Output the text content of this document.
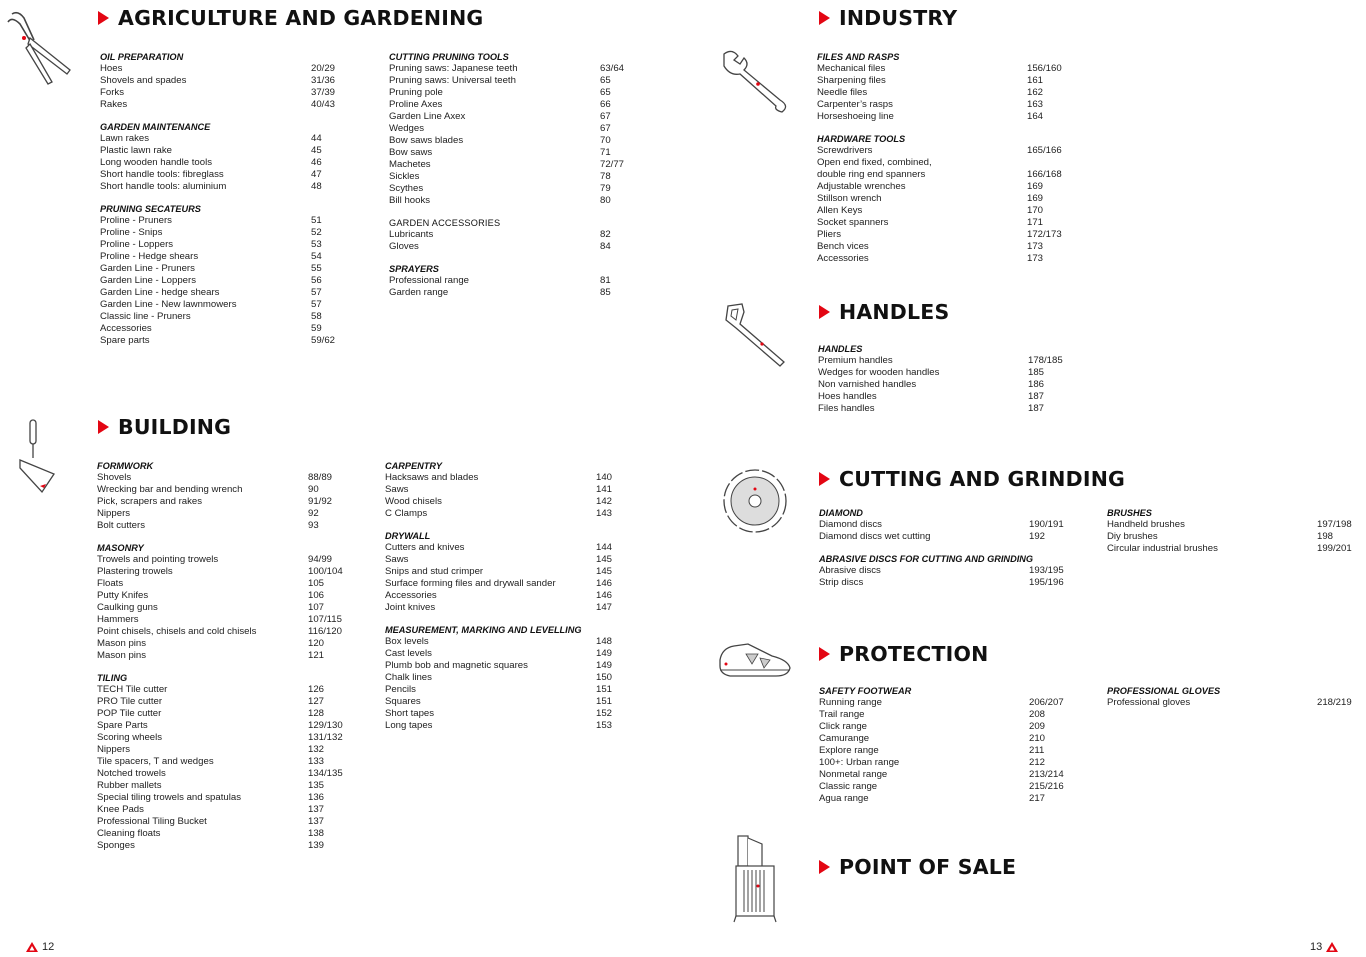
AGRICULTURE AND GARDENING
OIL PREPARATION
Hoes	20/29
Shovels and spades	31/36
Forks	37/39
Rakes	40/43
GARDEN MAINTENANCE
Lawn rakes	44
Plastic lawn rake	45
Long wooden handle tools	46
Short handle tools: fibreglass	47
Short handle tools: aluminium	48
PRUNING SECATEURS
Proline - Pruners	51
Proline - Snips	52
Proline - Loppers	53
Proline - Hedge shears	54
Garden Line - Pruners	55
Garden Line - Loppers	56
Garden Line - hedge shears	57
Garden Line - New lawnmowers	57
Classic line - Pruners	58
Accessories	59
Spare parts	59/62
CUTTING PRUNING TOOLS
Pruning saws: Japanese teeth	63/64
Pruning saws: Universal teeth	65
Pruning pole	65
Proline Axes	66
Garden Line Axex	67
Wedges	67
Bow saws blades	70
Bow saws	71
Machetes	72/77
Sickles	78
Scythes	79
Bill hooks	80
GARDEN ACCESSORIES
Lubricants	82
Gloves	84
SPRAYERS
Professional range	81
Garden range	85
BUILDING
FORMWORK
Shovels	88/89
Wrecking bar and bending wrench	90
Pick, scrapers and rakes	91/92
Nippers	92
Bolt cutters	93
MASONRY
Trowels and pointing trowels	94/99
Plastering trowels	100/104
Floats	105
Putty Knifes	106
Caulking guns	107
Hammers	107/115
Point chisels, chisels and cold chisels	116/120
Mason pins	120
Mason pins	121
TILING
TECH Tile cutter	126
PRO Tile cutter	127
POP Tile cutter	128
Spare Parts	129/130
Scoring wheels	131/132
Nippers	132
Tile spacers, T and wedges	133
Notched trowels	134/135
Rubber mallets	135
Special tiling trowels and spatulas	136
Knee Pads	137
Professional Tiling Bucket	137
Cleaning floats	138
Sponges	139
CARPENTRY
Hacksaws and blades	140
Saws	141
Wood chisels	142
C Clamps	143
DRYWALL
Cutters and knives	144
Saws	145
Snips and stud crimper	145
Surface forming files and drywall sander	146
Accessories	146
Joint knives	147
MEASUREMENT, MARKING AND LEVELLING
Box levels	148
Cast levels	149
Plumb bob and magnetic squares	149
Chalk lines	150
Pencils	151
Squares	151
Short tapes	152
Long tapes	153
12
INDUSTRY
FILES AND RASPS
Mechanical files	156/160
Sharpening files	161
Needle files	162
Carpenter’s rasps	163
Horseshoeing line	164
HARDWARE TOOLS
Screwdrivers	165/166
Open end fixed, combined,
double ring end spanners	166/168
Adjustable wrenches	169
Stillson wrench	169
Allen Keys	170
Socket spanners	171
Pliers	172/173
Bench vices	173
Accessories	173
HANDLES
HANDLES
Premium handles	178/185
Wedges for wooden handles	185
Non varnished handles	186
Hoes handles	187
Files handles	187
CUTTING AND GRINDING
DIAMOND
Diamond discs	190/191
Diamond discs wet cutting	192
ABRASIVE DISCS FOR CUTTING AND GRINDING
Abrasive discs	193/195
Strip discs	195/196
BRUSHES
Handheld brushes	197/198
Diy brushes	198
Circular industrial brushes	199/201
PROTECTION
SAFETY FOOTWEAR
Running range	206/207
Trail range	208
Click range	209
Camurange	210
Explore range	211
100+: Urban range	212
Nonmetal range	213/214
Classic range	215/216
Agua range	217
PROFESSIONAL GLOVES
Professional gloves	218/219
POINT OF SALE
13
